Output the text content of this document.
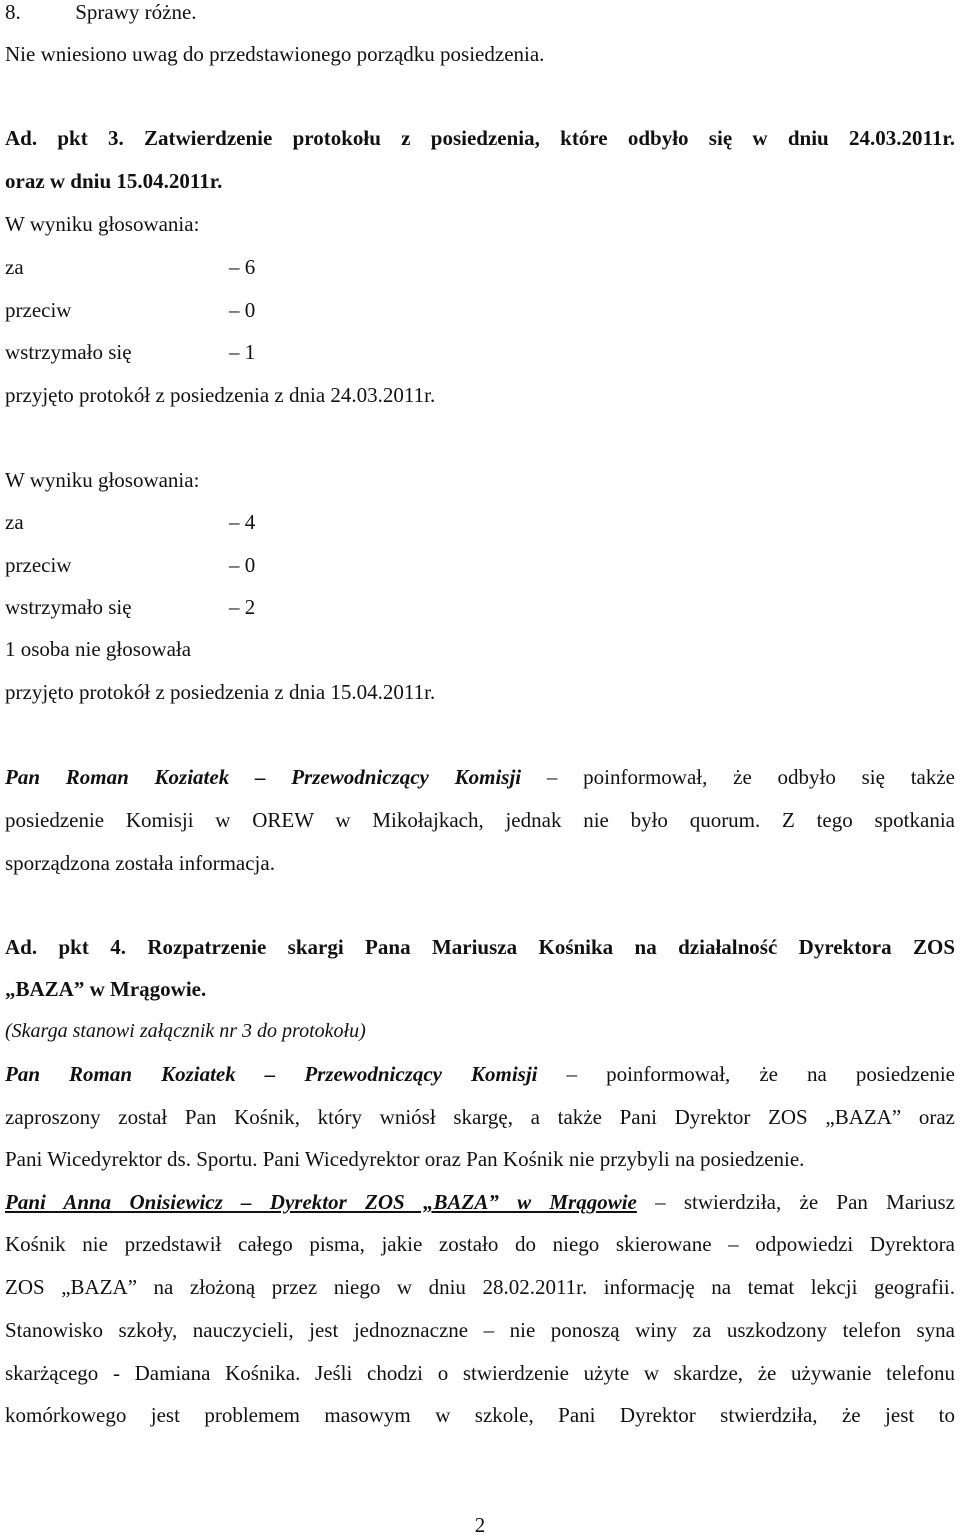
8.	Sprawy różne.

Nie wniesiono uwag do przedstawionego porządku posiedzenia.

Ad. pkt 3. Zatwierdzenie protokołu z posiedzenia, które odbyło się w dniu 24.03.2011r.

oraz w dniu 15.04.2011r.

W wyniku głosowania:

za	– 6
przeciw	– 0
wstrzymało się	– 1

przyjęto protokół z posiedzenia z dnia 24.03.2011r.

W wyniku głosowania:

za	– 4
przeciw	– 0
wstrzymało się	– 2

1 osoba nie głosowała

przyjęto protokół z posiedzenia z dnia 15.04.2011r.

Pan Roman Koziatek – Przewodniczący Komisji – poinformował, że odbyło się także

posiedzenie Komisji w OREW w Mikołajkach, jednak nie było quorum. Z tego spotkania

sporządzona została informacja.

Ad. pkt 4. Rozpatrzenie skargi Pana Mariusza Kośnika na działalność Dyrektora ZOS

„BAZA” w Mrągowie.

(Skarga stanowi załącznik nr 3 do protokołu)

Pan Roman Koziatek – Przewodniczący Komisji – poinformował, że na posiedzenie

zaproszony został Pan Kośnik, który wniósł skargę, a także Pani Dyrektor ZOS „BAZA” oraz

Pani Wicedyrektor ds. Sportu. Pani Wicedyrektor oraz Pan Kośnik nie przybyli na posiedzenie.

Pani Anna Onisiewicz – Dyrektor ZOS „BAZA” w Mrągowie – stwierdziła, że Pan Mariusz

Kośnik nie przedstawił całego pisma, jakie zostało do niego skierowane – odpowiedzi Dyrektora

ZOS „BAZA” na złożoną przez niego w dniu 28.02.2011r. informację na temat lekcji geografii.

Stanowisko szkoły, nauczycieli, jest jednoznaczne – nie ponoszą winy za uszkodzony telefon syna

skarżącego - Damiana Kośnika. Jeśli chodzi o stwierdzenie użyte w skardze, że używanie telefonu

komórkowego jest problemem masowym w szkole, Pani Dyrektor stwierdziła, że jest to

2
